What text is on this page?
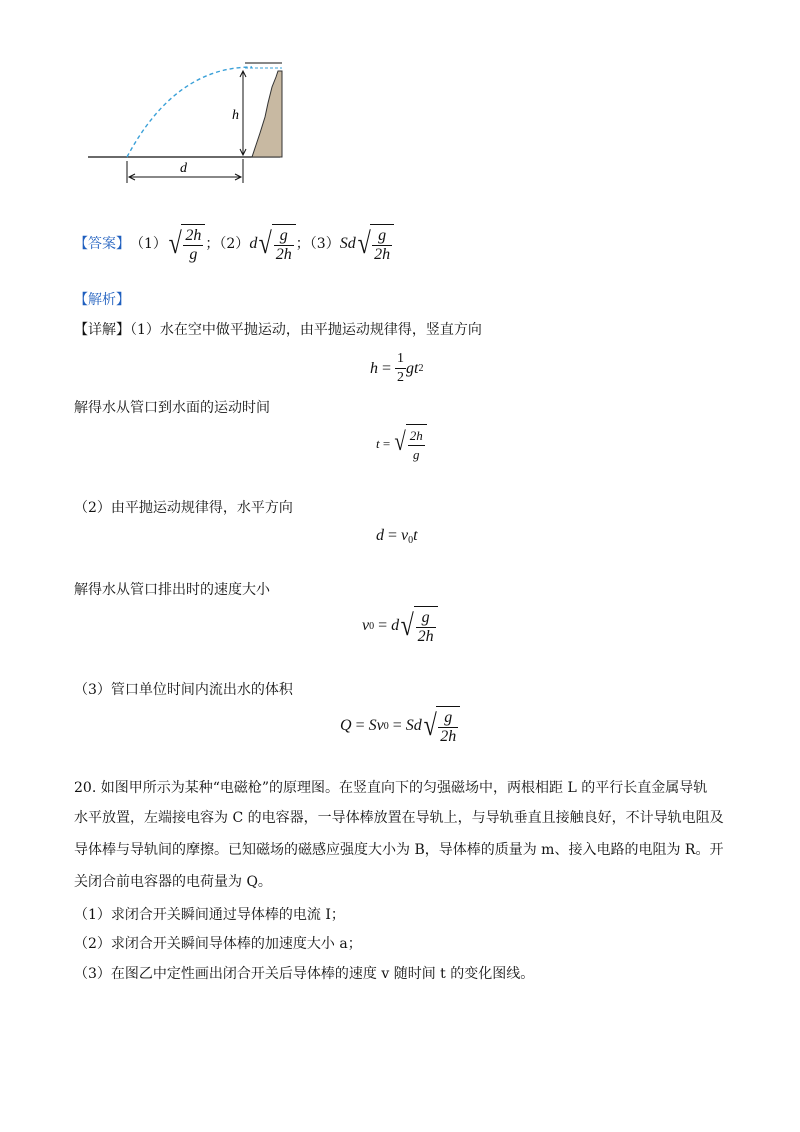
h
d
【答案】 （1） √ $\frac{2h}{g}$ ；（2） d √ $\frac{g}{2h}$ ；（3） S d √ $\frac{g}{2h}$
【解析】
【详解】（1）水在空中做平抛运动，由平抛运动规律得，竖直方向
$h = \frac{1}{2}$ gt 2
解得水从管口到水面的运动时间
t = √ $\frac{2h}{g}$
（2）由平抛运动规律得，水平方向
$d = v_0t$
解得水从管口排出时的速度大小
v 0 = d √ $\frac{g}{2h}$
（3）管口单位时间内流出水的体积
Q = S v 0 = Sd √ $\frac{g}{2h}$
20. 如图甲所示为某种“电磁枪”的原理图。在竖直向下的匀强磁场中，两根相距 L 的平行长直金属导轨
水平放置，左端接电容为 C 的电容器，一导体棒放置在导轨上，与导轨垂直且接触良好，不计导轨电阻及
导体棒与导轨间的摩擦。已知磁场的磁感应强度大小为 B，导体棒的质量为 m、接入电路的电阻为 R。开
关闭合前电容器的电荷量为 Q。
（1）求闭合开关瞬间通过导体棒的电流 I；
（2）求闭合开关瞬间导体棒的加速度大小 a；
（3）在图乙中定性画出闭合开关后导体棒的速度 v 随时间 t 的变化图线。
